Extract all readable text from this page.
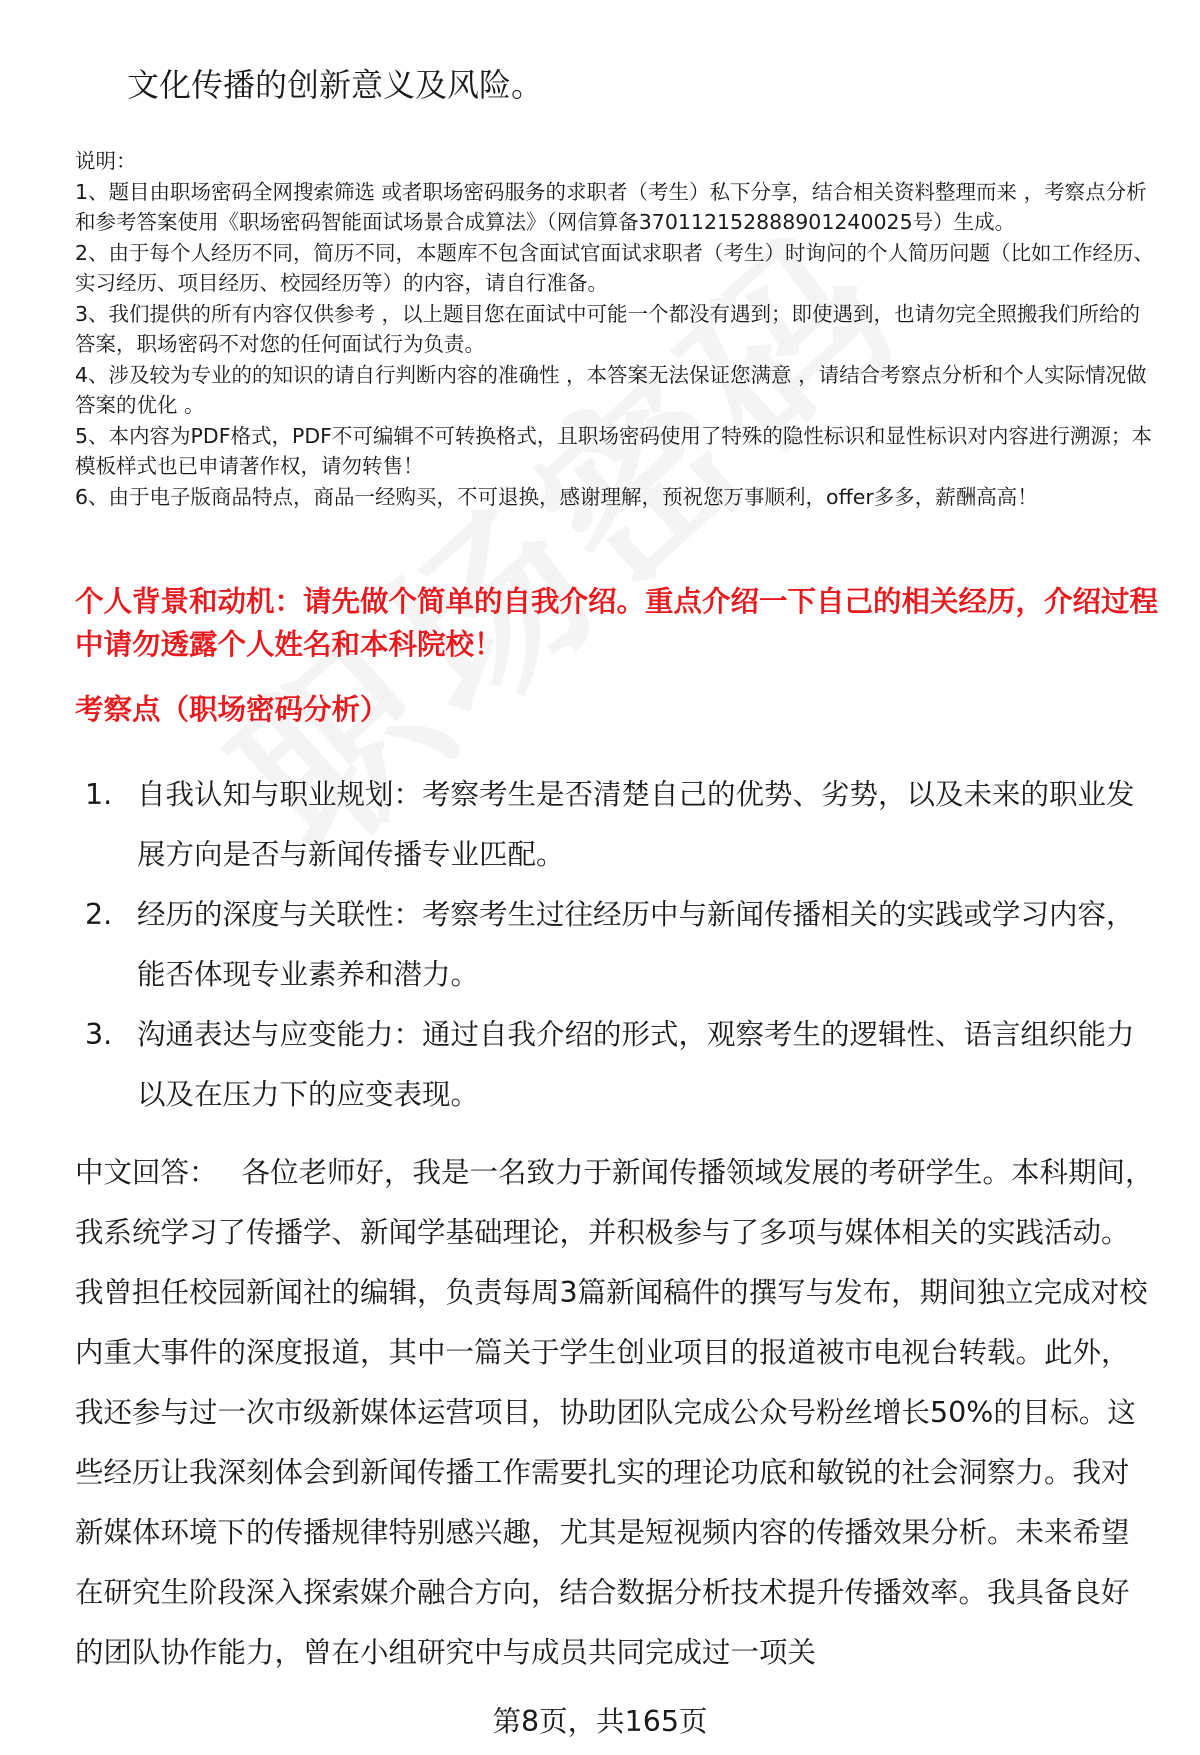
文化传播的创新意义及风险。

说明：

1、题目由职场密码全网搜索筛选 或者职场密码服务的求职者（考生）私下分享，结合相关资料整理而来 ，考察点分析和参考答案使用《职场密码智能面试场景合成算法》（网信算备370112152888901240025号）生成。

2、由于每个人经历不同，简历不同，本题库不包含面试官面试求职者（考生）时询问的个人简历问题（比如工作经历、实习经历、项目经历、校园经历等）的内容，请自行准备。

3、我们提供的所有内容仅供参考 ，以上题目您在面试中可能一个都没有遇到；即使遇到，也请勿完全照搬我们所给的答案，职场密码不对您的任何面试行为负责。

4、涉及较为专业的的知识的请自行判断内容的准确性 ，本答案无法保证您满意 ，请结合考察点分析和个人实际情况做答案的优化 。

5、本内容为PDF格式，PDF不可编辑不可转换格式，且职场密码使用了特殊的隐性标识和显性标识对内容进行溯源；本模板样式也已申请著作权，请勿转售！

6、由于电子版商品特点，商品一经购买，不可退换，感谢理解，预祝您万事顺利，offer多多，薪酬高高！

个人背景和动机：请先做个简单的自我介绍。重点介绍一下自己的相关经历，介绍过程中请勿透露个人姓名和本科院校！
考察点（职场密码分析）
1. 自我认知与职业规划：考察考生是否清楚自己的优势、劣势，以及未来的职业发展方向是否与新闻传播专业匹配。
2. 经历的深度与关联性：考察考生过往经历中与新闻传播相关的实践或学习内容，能否体现专业素养和潜力。
3. 沟通表达与应变能力：通过自我介绍的形式，观察考生的逻辑性、语言组织能力以及在压力下的应变表现。
中文回答： 各位老师好，我是一名致力于新闻传播领域发展的考研学生。本科期间，我系统学习了传播学、新闻学基础理论，并积极参与了多项与媒体相关的实践活动。我曾担任校园新闻社的编辑，负责每周3篇新闻稿件的撰写与发布，期间独立完成对校内重大事件的深度报道，其中一篇关于学生创业项目的报道被市电视台转载。此外，我还参与过一次市级新媒体运营项目，协助团队完成公众号粉丝增长50%的目标。这些经历让我深刻体会到新闻传播工作需要扎实的理论功底和敏锐的社会洞察力。我对新媒体环境下的传播规律特别感兴趣，尤其是短视频内容的传播效果分析。未来希望在研究生阶段深入探索媒介融合方向，结合数据分析技术提升传播效率。我具备良好的团队协作能力，曾在小组研究中与成员共同完成过一项关
第8页，共165页
